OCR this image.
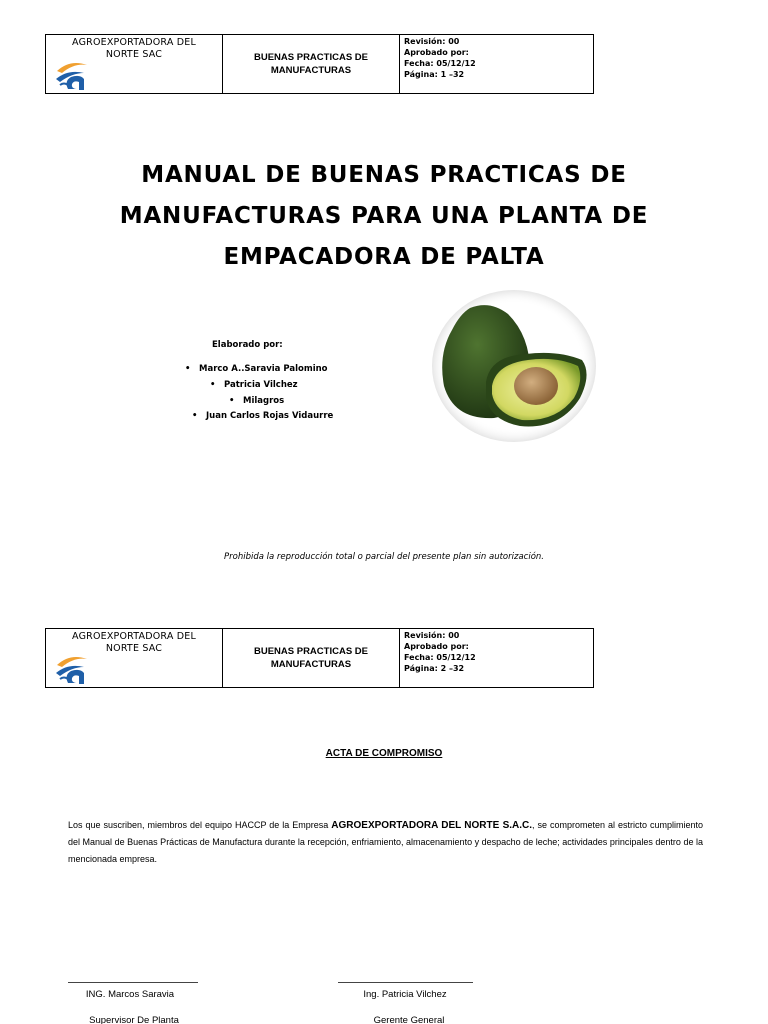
AGROEXPORTADORA DEL
NORTE SAC	BUENAS PRACTICAS DE
MANUFACTURAS
Revisión: 00
Aprobado por:
Fecha: 05/12/12
Página: 1 –32
MANUAL DE BUENAS PRACTICAS DE
MANUFACTURAS PARA UNA PLANTA DE
EMPACADORA DE PALTA
Elaborado por:
• Marco A..Saravia Palomino
• Patricia Vilchez
• Milagros
• Juan Carlos Rojas Vidaurre
Prohibida la reproducción total o parcial del presente plan sin autorización.
AGROEXPORTADORA DEL
NORTE SAC	BUENAS PRACTICAS DE
MANUFACTURAS
Revisión: 00
Aprobado por:
Fecha: 05/12/12
Página: 2 –32
ACTA DE COMPROMISO
Los que suscriben, miembros del equipo HACCP de la Empresa AGROEXPORTADORA DEL NORTE S.A.C., se comprometen al estricto cumplimiento del Manual de Buenas Prácticas de Manufactura durante la recepción, enfriamiento, almacenamiento y despacho de leche; actividades principales dentro de la mencionada empresa.
ING. Marcos Saravia
Supervisor De Planta
Ing. Patricia Vilchez
Gerente General
